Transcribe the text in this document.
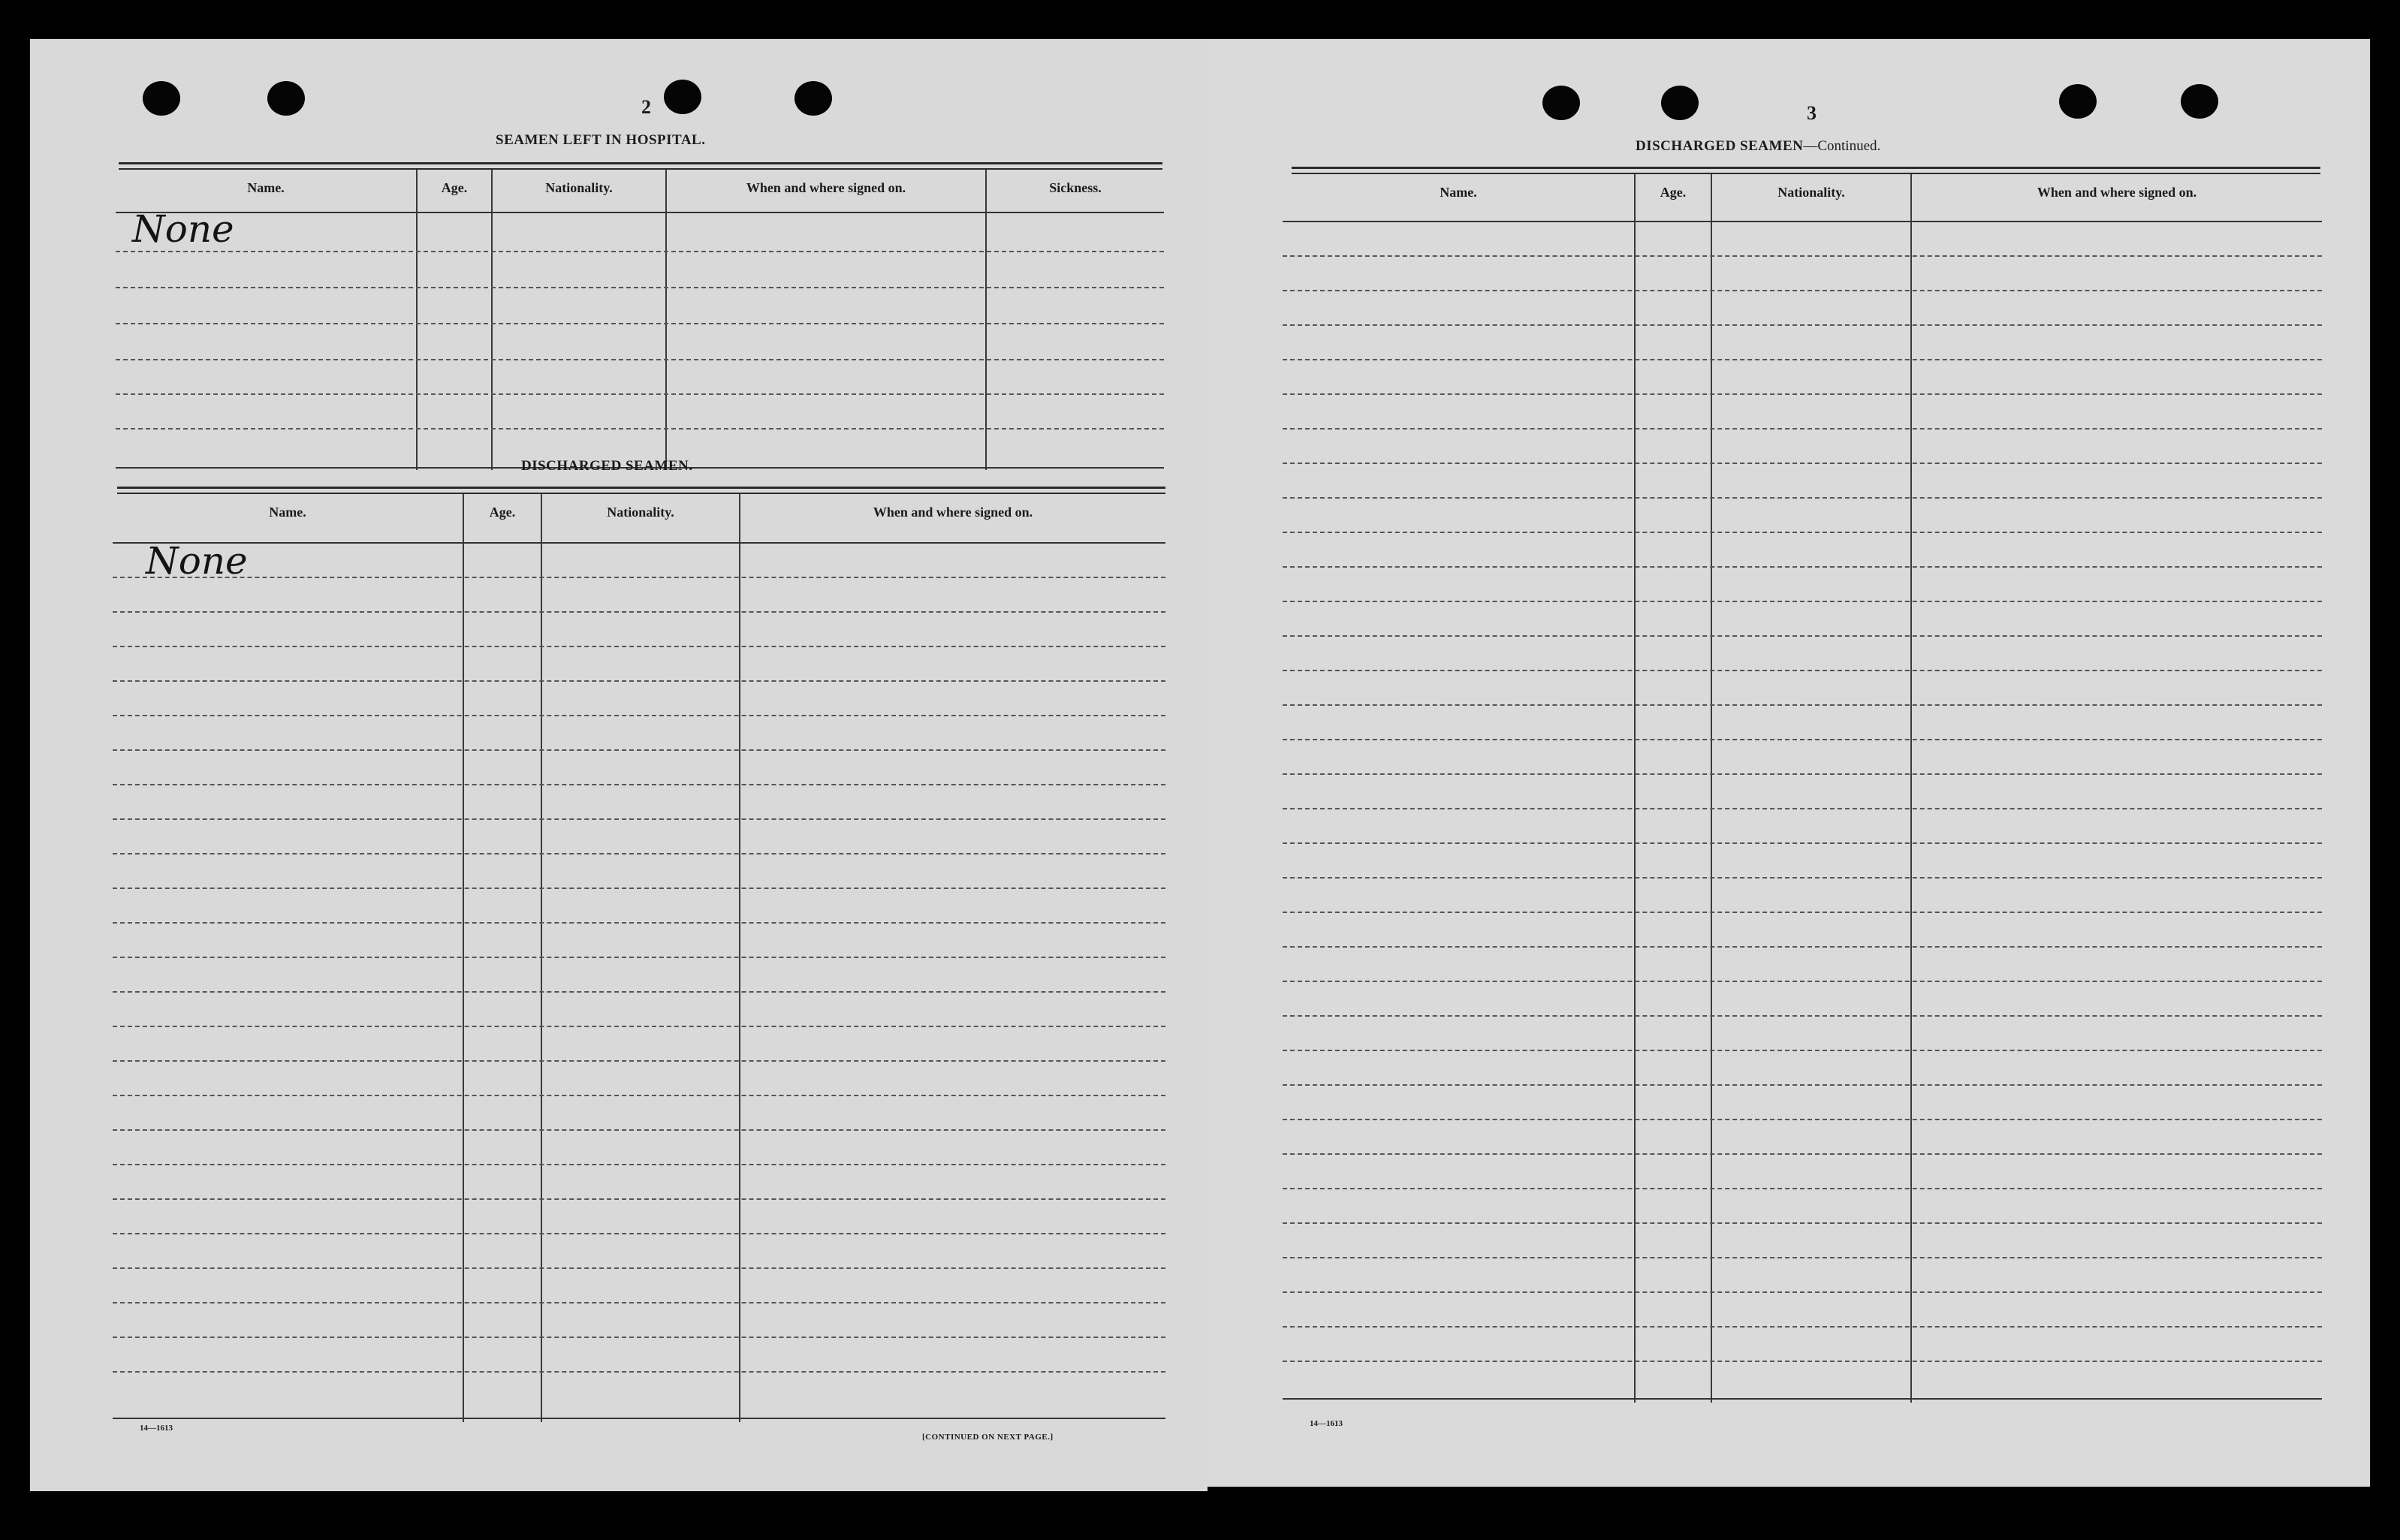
2
SEAMEN LEFT IN HOSPITAL.
Name.	Age.	Nationality.	When and where signed on.	Sickness.
None
DISCHARGED SEAMEN.
Name.	Age.	Nationality.	When and where signed on.
None
14—1613
[CONTINUED ON NEXT PAGE.]
3
DISCHARGED SEAMEN—Continued.
Name.	Age.	Nationality.	When and where signed on.
14—1613
